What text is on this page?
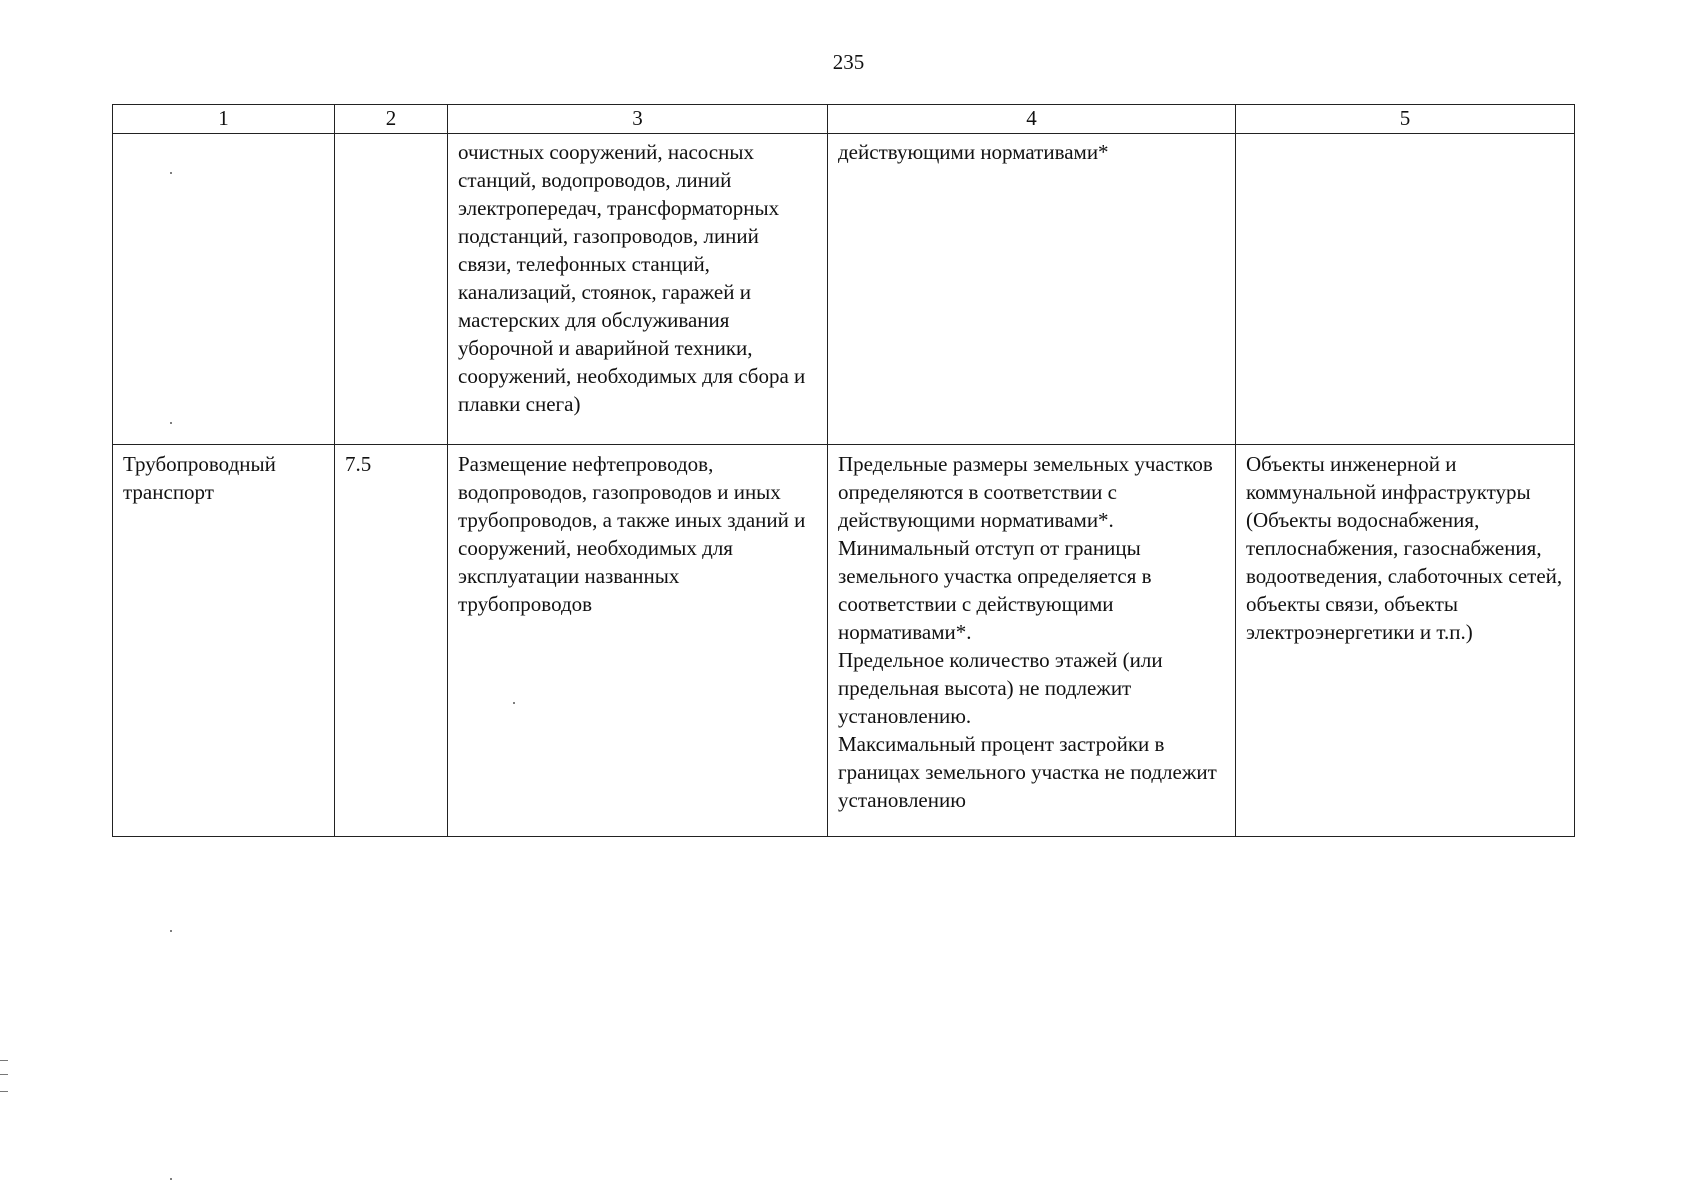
235
1	2	3	4	5
		очистных сооружений, насосных станций, водопроводов, линий электропередач, трансформаторных подстанций, газопроводов, линий связи, телефонных станций, канализаций, стоянок, гаражей и мастерских для обслуживания уборочной и аварийной техники, сооружений, необходимых для сбора и плавки снега)	действующими нормативами*	
Трубопроводный транспорт	7.5	Размещение нефтепроводов, водопроводов, газопроводов и иных трубопроводов, а также иных зданий и сооружений, необходимых для эксплуатации названных трубопроводов	Предельные размеры земельных участков определяются в соответствии с действующими нормативами*.
Минимальный отступ от границы земельного участка определяется в соответствии с действующими нормативами*.
Предельное количество этажей (или предельная высота) не подлежит установлению.
Максимальный процент застройки в границах земельного участка не подлежит установлению	Объекты инженерной и коммунальной инфраструктуры (Объекты водоснабжения, теплоснабжения, газоснабжения, водоотведения, слаботочных сетей, объекты связи, объекты электроэнергетики и т.п.)
